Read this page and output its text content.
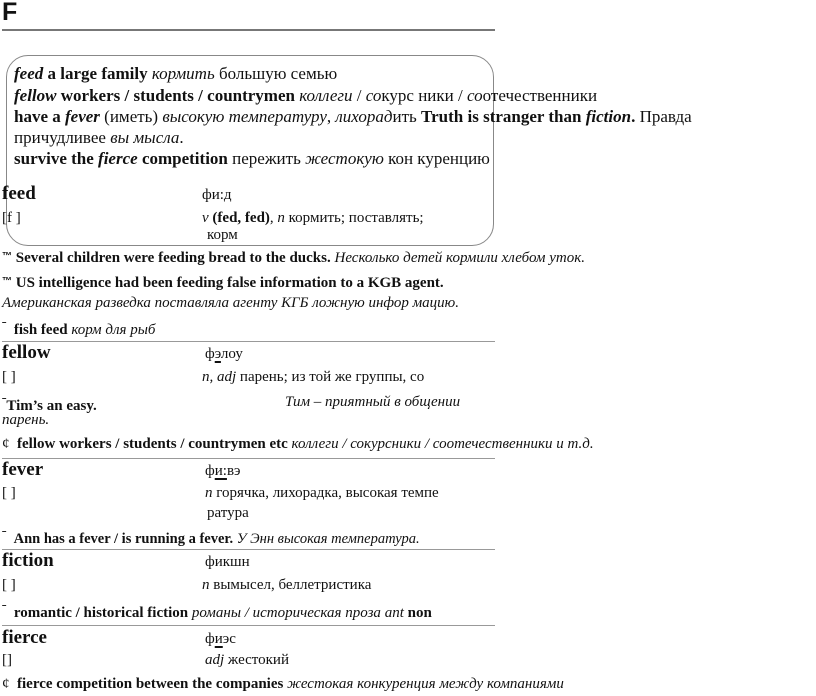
F
feed a large family кормить большую семью
fellow workers / students / countrymen коллеги / сокурс ники / соотечественники
have a fever (иметь) высокую температуру, лихорадить Truth is stranger than fiction. Правда
причудливее вы мысла.
survive the fierce competition пережить жестокую кон куренцию
feed	фи:д
[f ]	v (fed, fed), n кормить; поставлять;
корм
™ Several children were feeding bread to the ducks. Несколько детей кормили хлебом уток.
™ US intelligence had been feeding false information to a KGB agent.
Американская разведка поставляла агенту КГБ ложную инфор мацию.
ˉ fish feed корм для рыб
fellow	фэлоу
[ ]	n, adj парень; из той же группы, со
ˉTim’s an easy.	Тим – приятный в общении
парень.
¢ fellow workers / students / countrymen etc коллеги / сокурсники / соотечественники и т.д.
fever	фи:вэ
[ ]	n горячка, лихорадка, высокая темпе
ратура
ˉ Ann has a fever / is running a fever. У Энн высокая температура.
fiction	фикшн
[ ]	n вымысел, беллетристика
ˉ romantic / historical fiction романы / историческая проза ant non
fierce	фиэс
[]	adj жестокий
¢ fierce competition between the companies жестокая конкуренция между компаниями
